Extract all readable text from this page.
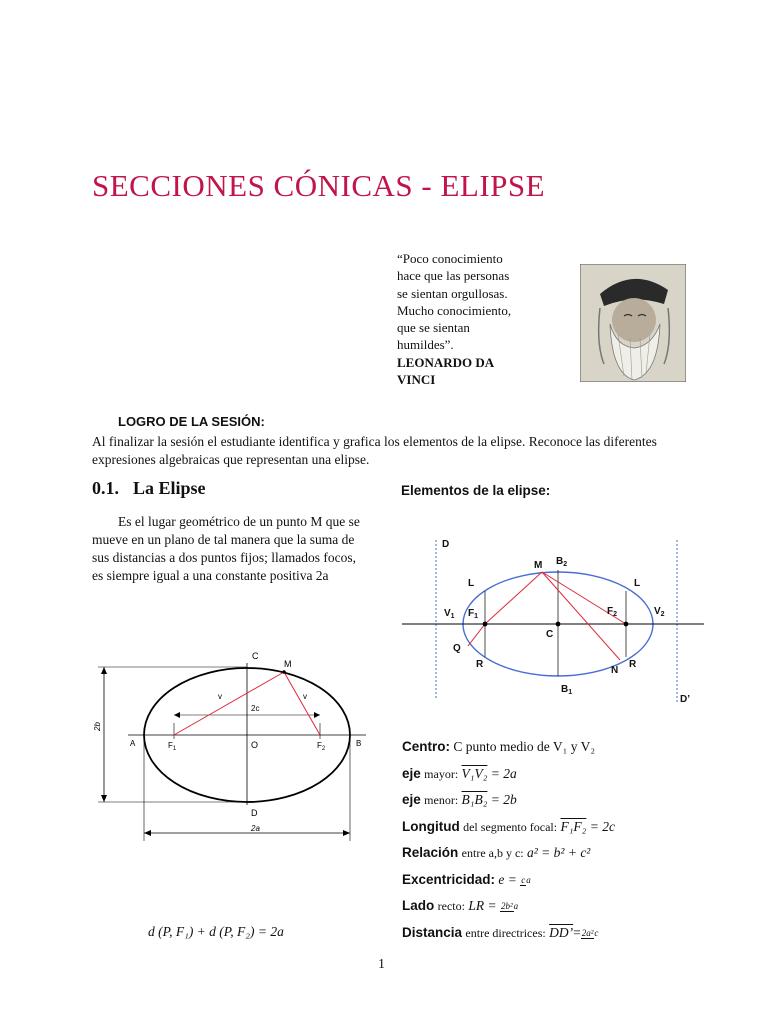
SECCIONES CÓNICAS - ELIPSE
“Poco conocimiento
hace que las personas
se sientan orgullosas.
Mucho conocimiento,
que se sientan
humildes”.
LEONARDO DA
VINCI
LOGRO DE LA SESIÓN:
Al finalizar la sesión el estudiante identifica y grafica los elementos de la elipse. Reconoce las diferentes expresiones algebraicas que representan una elipse.
0.1. La Elipse	Elementos de la elipse:
Es el lugar geométrico de un punto M que se mueve en un plano de tal manera que la suma de sus distancias a dos puntos fijos; llamados focos, es siempre igual a una constante positiva 2a
C
M
v	v
2c
A	$F_1$	O	$F_2$
B
D
2a
2b
D
D’
M $B_2$
L	L
$V_1$ $F_1$	$F_2$	$V_2$
C
Q
R
N
R
$B_1$
d (P, F₁) + d (P, F₂) = 2a
Centro: C punto medio de V₁ y V₂
eje mayor: V₁V₂ = 2a
eje menor: B₁B₂ = 2b
Longitud del segmento focal: F₁F₂ = 2c
Relación entre a,b y c: a² = b² + c²
Excentricidad: e = ca
Lado recto: LR = 2b²a
Distancia entre directrices: DD’=2a²c
1
